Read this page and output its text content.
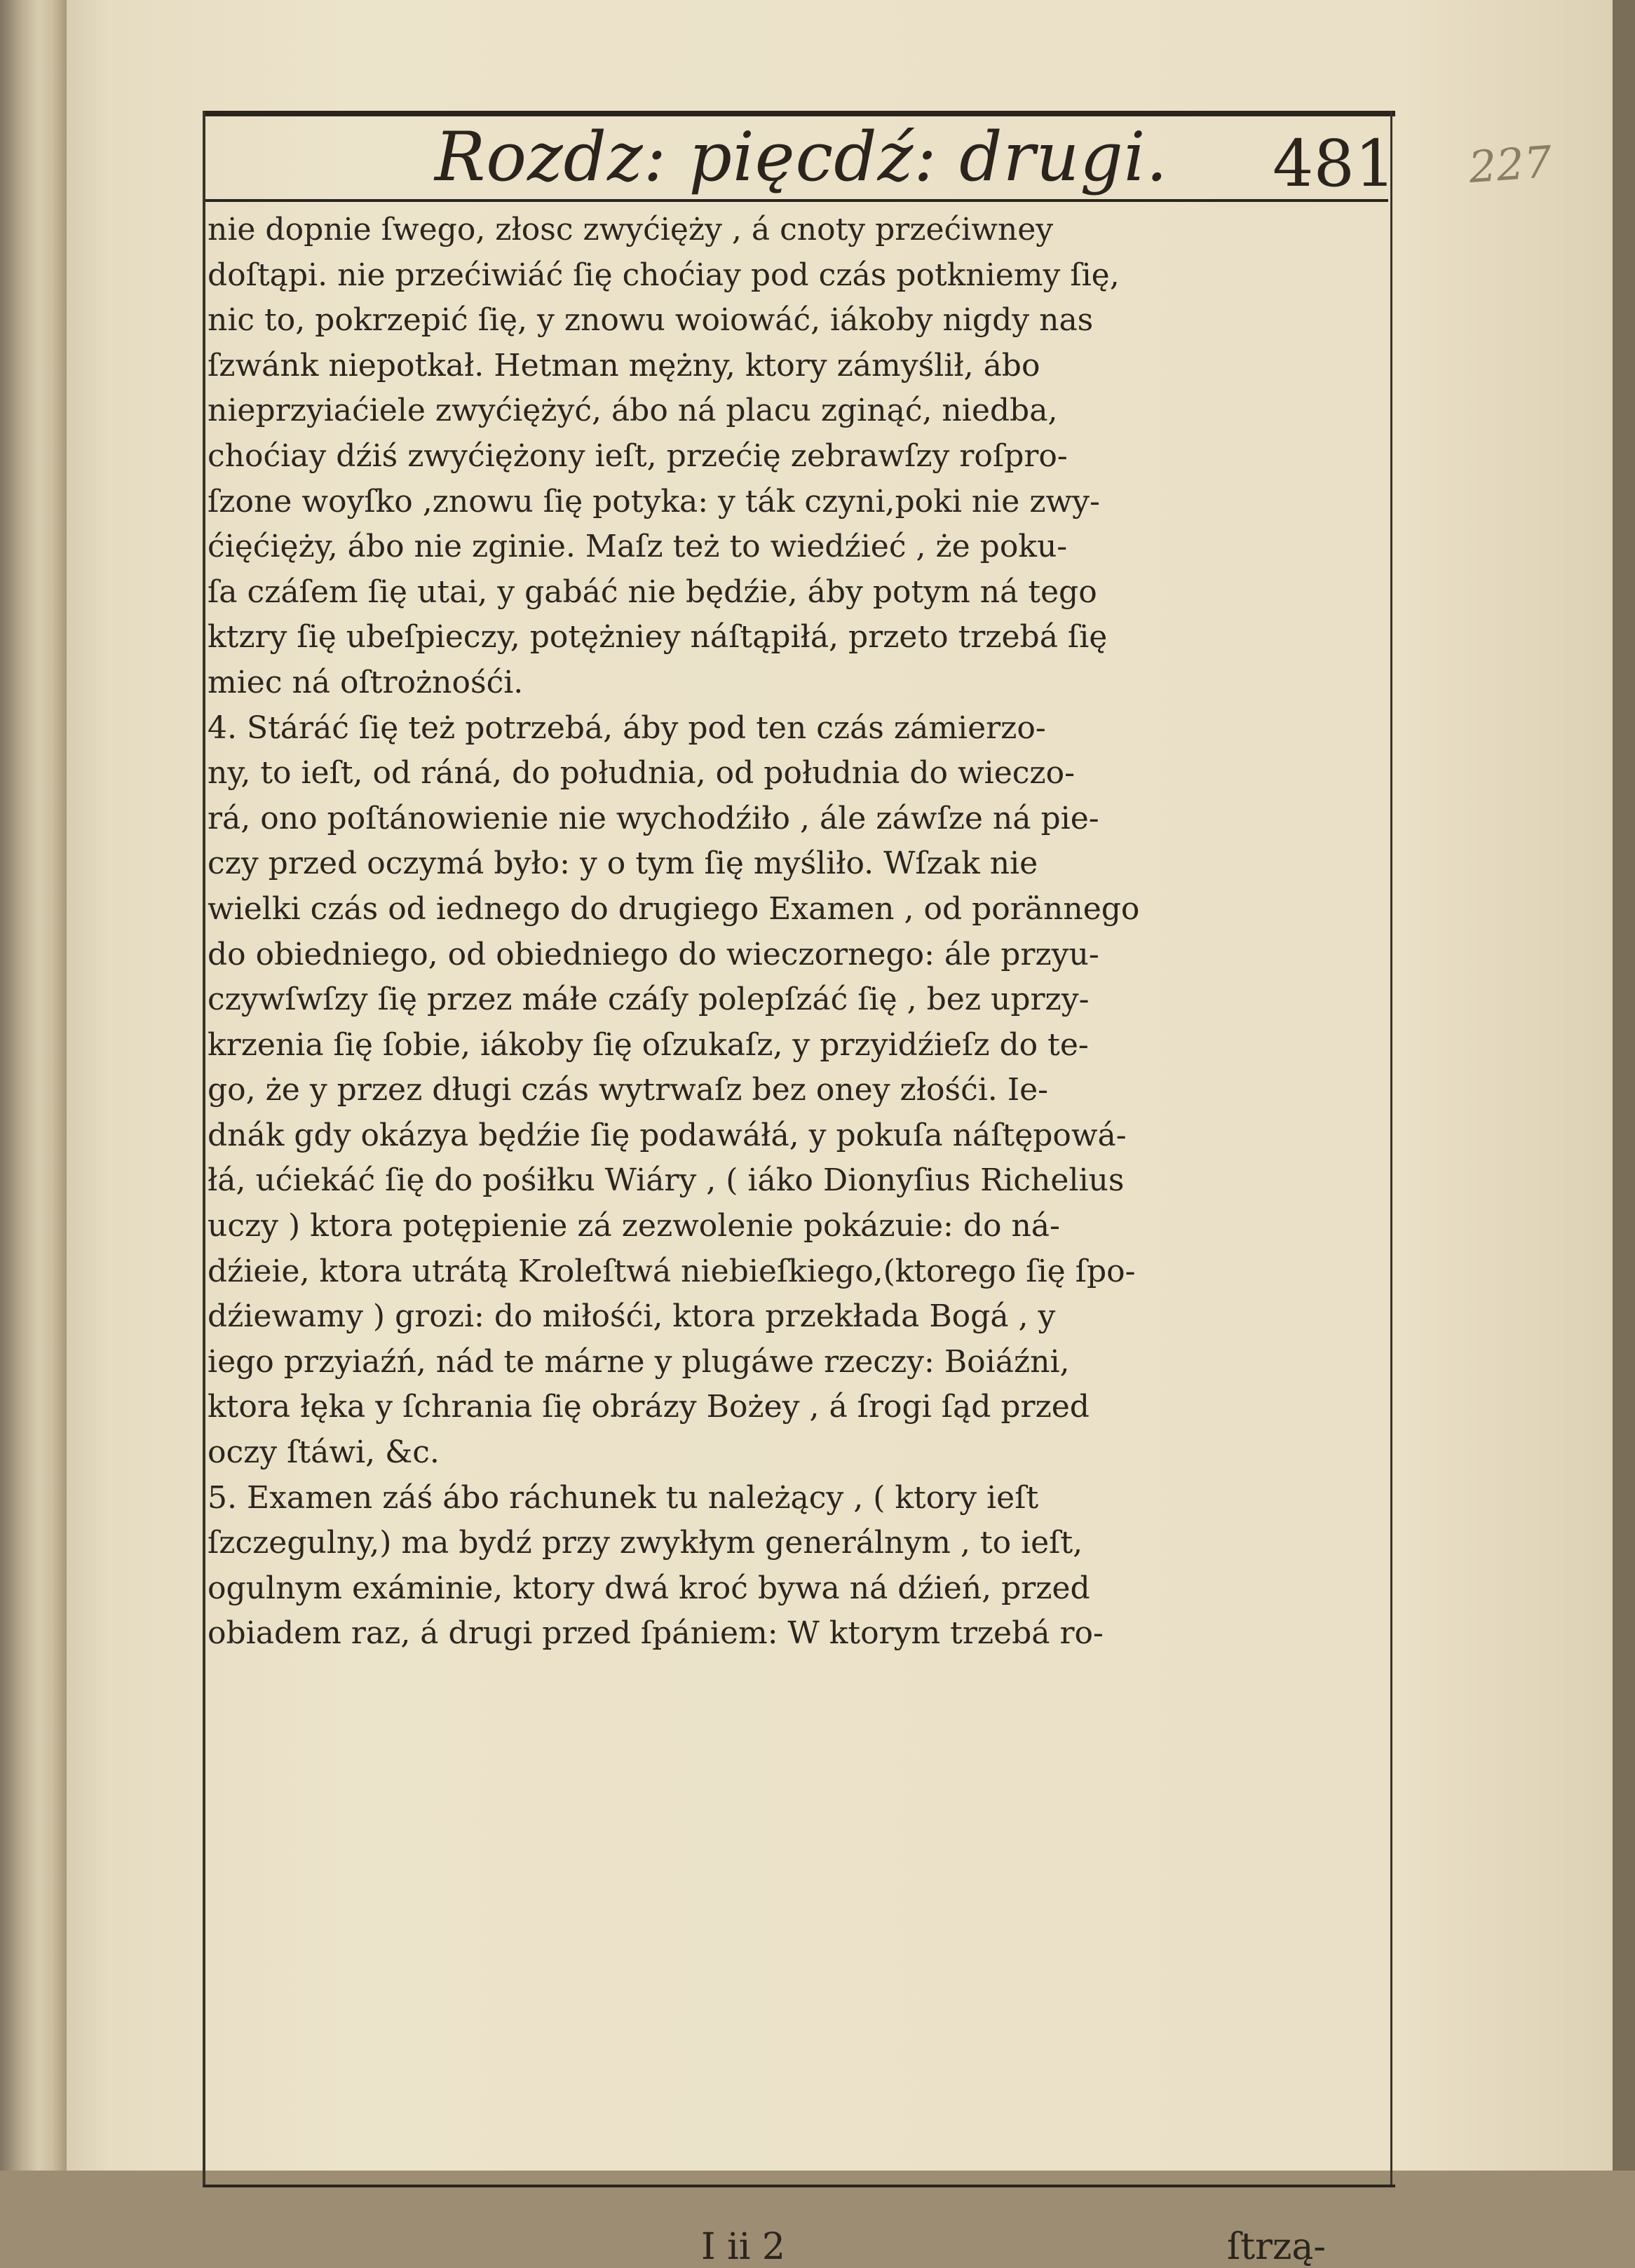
Rozdz: pięcdź: drugi. 481 227
nie dopnie ſwego, złosc zwyćięży , á cnoty przećiwney
doſtąpi. nie przećiwiáć ſię choćiay pod czás potkniemy ſię,
nic to, pokrzepić ſię, y znowu woiowáć, iákoby nigdy nas
ſzwánk niepotkał. Hetman mężny, ktory zámyślił, ábo
nieprzyiaćiele zwyćiężyć, ábo ná placu zginąć, niedba,
choćiay dźiś zwyćiężony ieſt, przećię zebrawſzy roſpro-
ſzone woyſko ,znowu ſię potyka: y ták czyni,poki nie zwy-
ćięćięży, ábo nie zginie. Maſz też to wiedźieć , że poku-
ſa czáſem ſię utai, y gabáć nie będźie, áby potym ná tego
ktzry ſię ubeſpieczy, potężniey náſtąpiłá, przeto trzebá ſię
miec ná oſtrożnośći.
4. Stáráć ſię też potrzebá, áby pod ten czás zámierzo-
ny, to ieſt, od ráná, do południa, od południa do wieczo-
rá, ono poſtánowienie nie wychodźiło , ále záwſze ná pie-
czy przed oczymá było: y o tym ſię myśliło. Wſzak nie
wielki czás od iednego do drugiego Examen , od porännego
do obiedniego, od obiedniego do wieczornego: ále przyu-
czywſwſzy ſię przez máłe czáſy polepſzáć ſię , bez uprzy-
krzenia ſię ſobie, iákoby ſię oſzukaſz, y przyidźieſz do te-
go, że y przez długi czás wytrwaſz bez oney złośći. Ie-
dnák gdy okázya będźie ſię podawáłá, y pokuſa náſtępowá-
łá, ućiekáć ſię do pośiłku Wiáry , ( iáko Dionyſius Richelius
uczy ) ktora potępienie zá zezwolenie pokázuie: do ná-
dźieie, ktora utrátą Kroleſtwá niebieſkiego,(ktorego ſię ſpo-
dźiewamy ) grozi: do miłośći, ktora przekłada Bogá , y
iego przyiaźń, nád te márne y plugáwe rzeczy: Boiáźni,
ktora łęka y ſchrania ſię obrázy Bożey , á ſrogi ſąd przed
oczy ſtáwi, &c.
5. Examen záś ábo ráchunek tu należący , ( ktory ieſt
ſzczegulny,) ma bydź przy zwykłym generálnym , to ieſt,
ogulnym exáminie, ktory dwá kroć bywa ná dźień, przed
obiadem raz, á drugi przed ſpániem: W ktorym trzebá ro-
I ii 2	ſtrzą-
